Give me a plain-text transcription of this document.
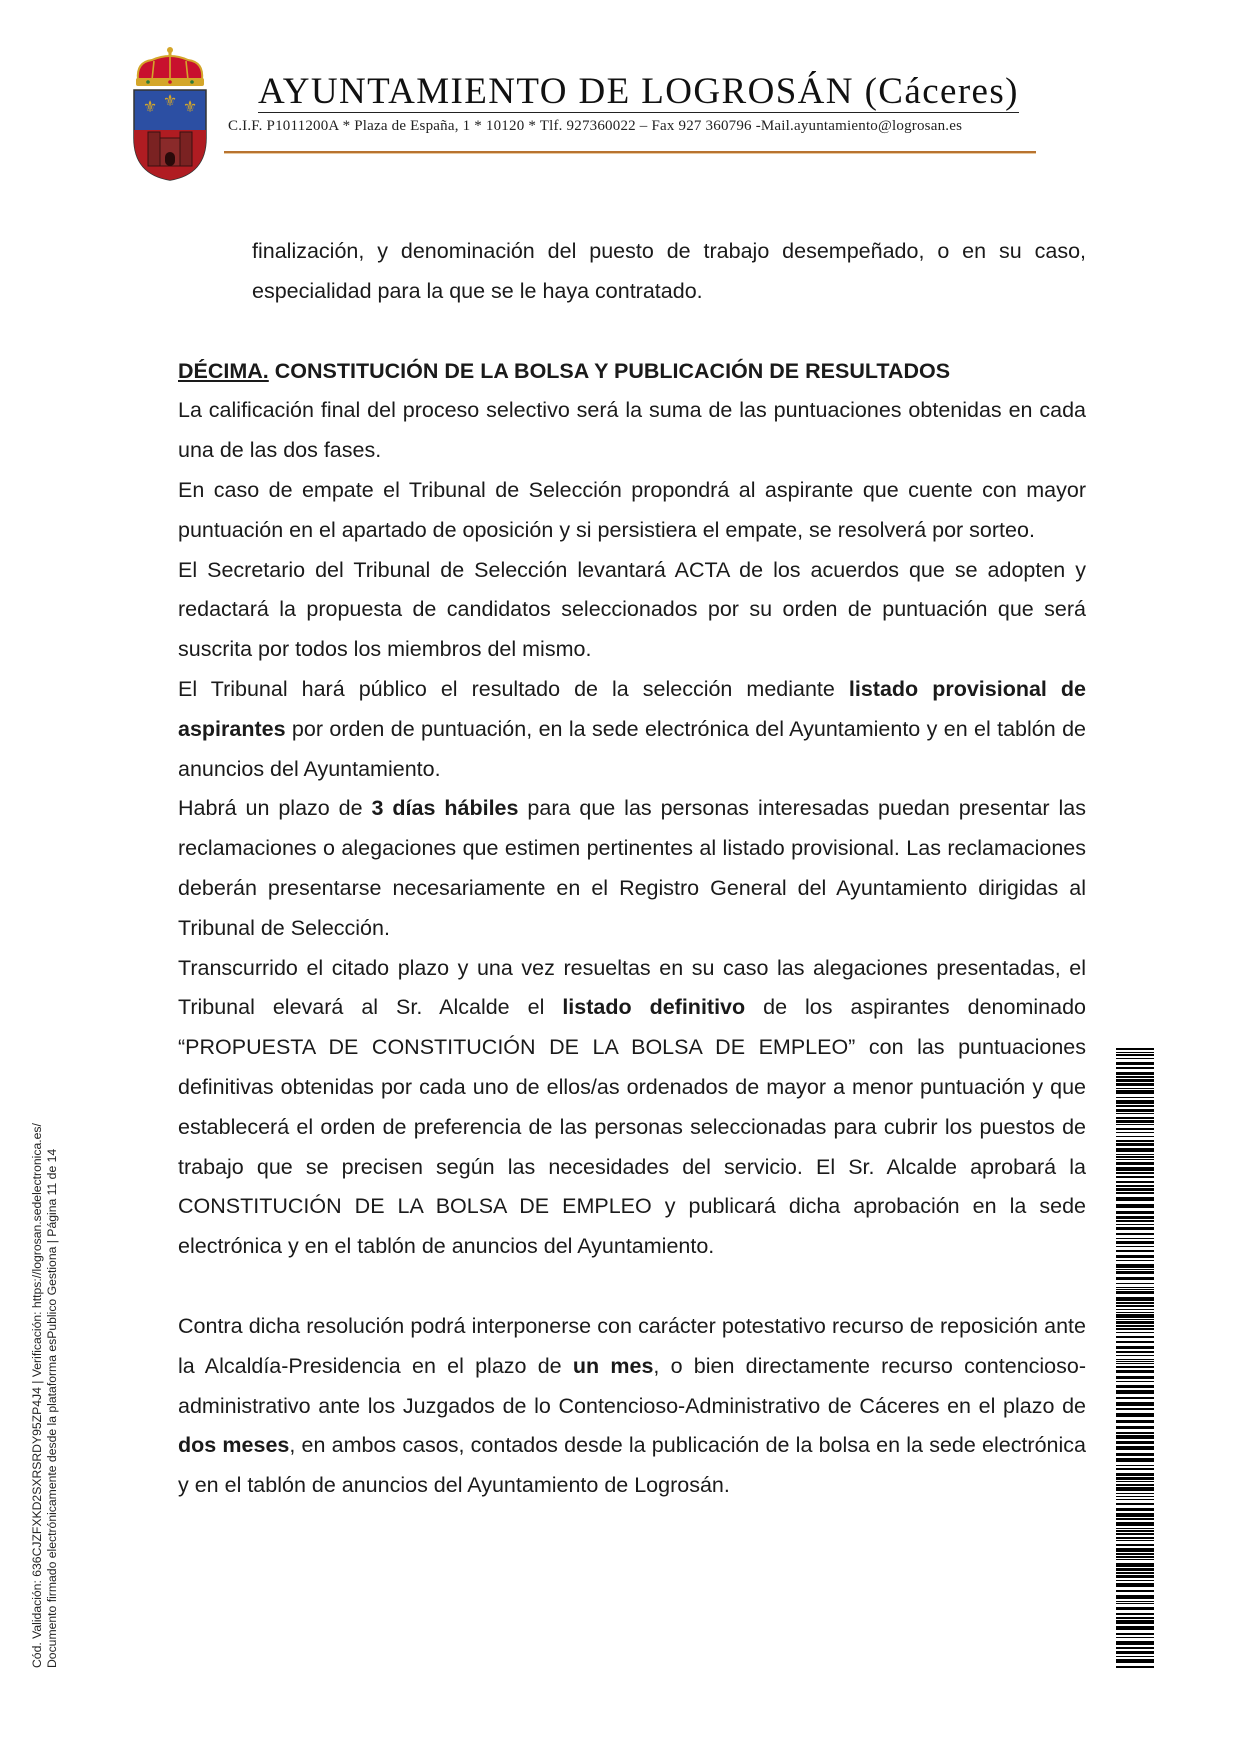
⚜ ⚜ ⚜ AYUNTAMIENTO DE LOGROSÁN (Cáceres)
C.I.F. P1011200A * Plaza de España, 1 * 10120 * Tlf. 927360022 – Fax 927 360796 -Mail.ayuntamiento@logrosan.es

finalización, y denominación del puesto de trabajo desempeñado, o en su caso, especialidad para la que se le haya contratado.

DÉCIMA. CONSTITUCIÓN DE LA BOLSA Y PUBLICACIÓN DE RESULTADOS

La calificación final del proceso selectivo será la suma de las puntuaciones obtenidas en cada una de las dos fases.

En caso de empate el Tribunal de Selección propondrá al aspirante que cuente con mayor puntuación en el apartado de oposición y si persistiera el empate, se resolverá por sorteo.

El Secretario del Tribunal de Selección levantará ACTA de los acuerdos que se adopten y redactará la propuesta de candidatos seleccionados por su orden de puntuación que será suscrita por todos los miembros del mismo.

El Tribunal hará público el resultado de la selección mediante listado provisional de aspirantes por orden de puntuación, en la sede electrónica del Ayuntamiento y en el tablón de anuncios del Ayuntamiento.

Habrá un plazo de 3 días hábiles para que las personas interesadas puedan presentar las reclamaciones o alegaciones que estimen pertinentes al listado provisional. Las reclamaciones deberán presentarse necesariamente en el Registro General del Ayuntamiento dirigidas al Tribunal de Selección.

Transcurrido el citado plazo y una vez resueltas en su caso las alegaciones presentadas, el Tribunal elevará al Sr. Alcalde el listado definitivo de los aspirantes denominado “PROPUESTA DE CONSTITUCIÓN DE LA BOLSA DE EMPLEO” con las puntuaciones definitivas obtenidas por cada uno de ellos/as ordenados de mayor a menor puntuación y que establecerá el orden de preferencia de las personas seleccionadas para cubrir los puestos de trabajo que se precisen según las necesidades del servicio. El Sr. Alcalde aprobará la CONSTITUCIÓN DE LA BOLSA DE EMPLEO y publicará dicha aprobación en la sede electrónica y en el tablón de anuncios del Ayuntamiento.

Contra dicha resolución podrá interponerse con carácter potestativo recurso de reposición ante la Alcaldía-Presidencia en el plazo de un mes, o bien directamente recurso contencioso-administrativo ante los Juzgados de lo Contencioso-Administrativo de Cáceres en el plazo de dos meses, en ambos casos, contados desde la publicación de la bolsa en la sede electrónica y en el tablón de anuncios del Ayuntamiento de Logrosán.

Cód. Validación: 636CJZFXKD2SXRSRDY95ZP4J4 | Verificación: https://logrosan.sedelectronica.es/ Documento firmado electrónicamente desde la plataforma esPublico Gestiona | Página 11 de 14
